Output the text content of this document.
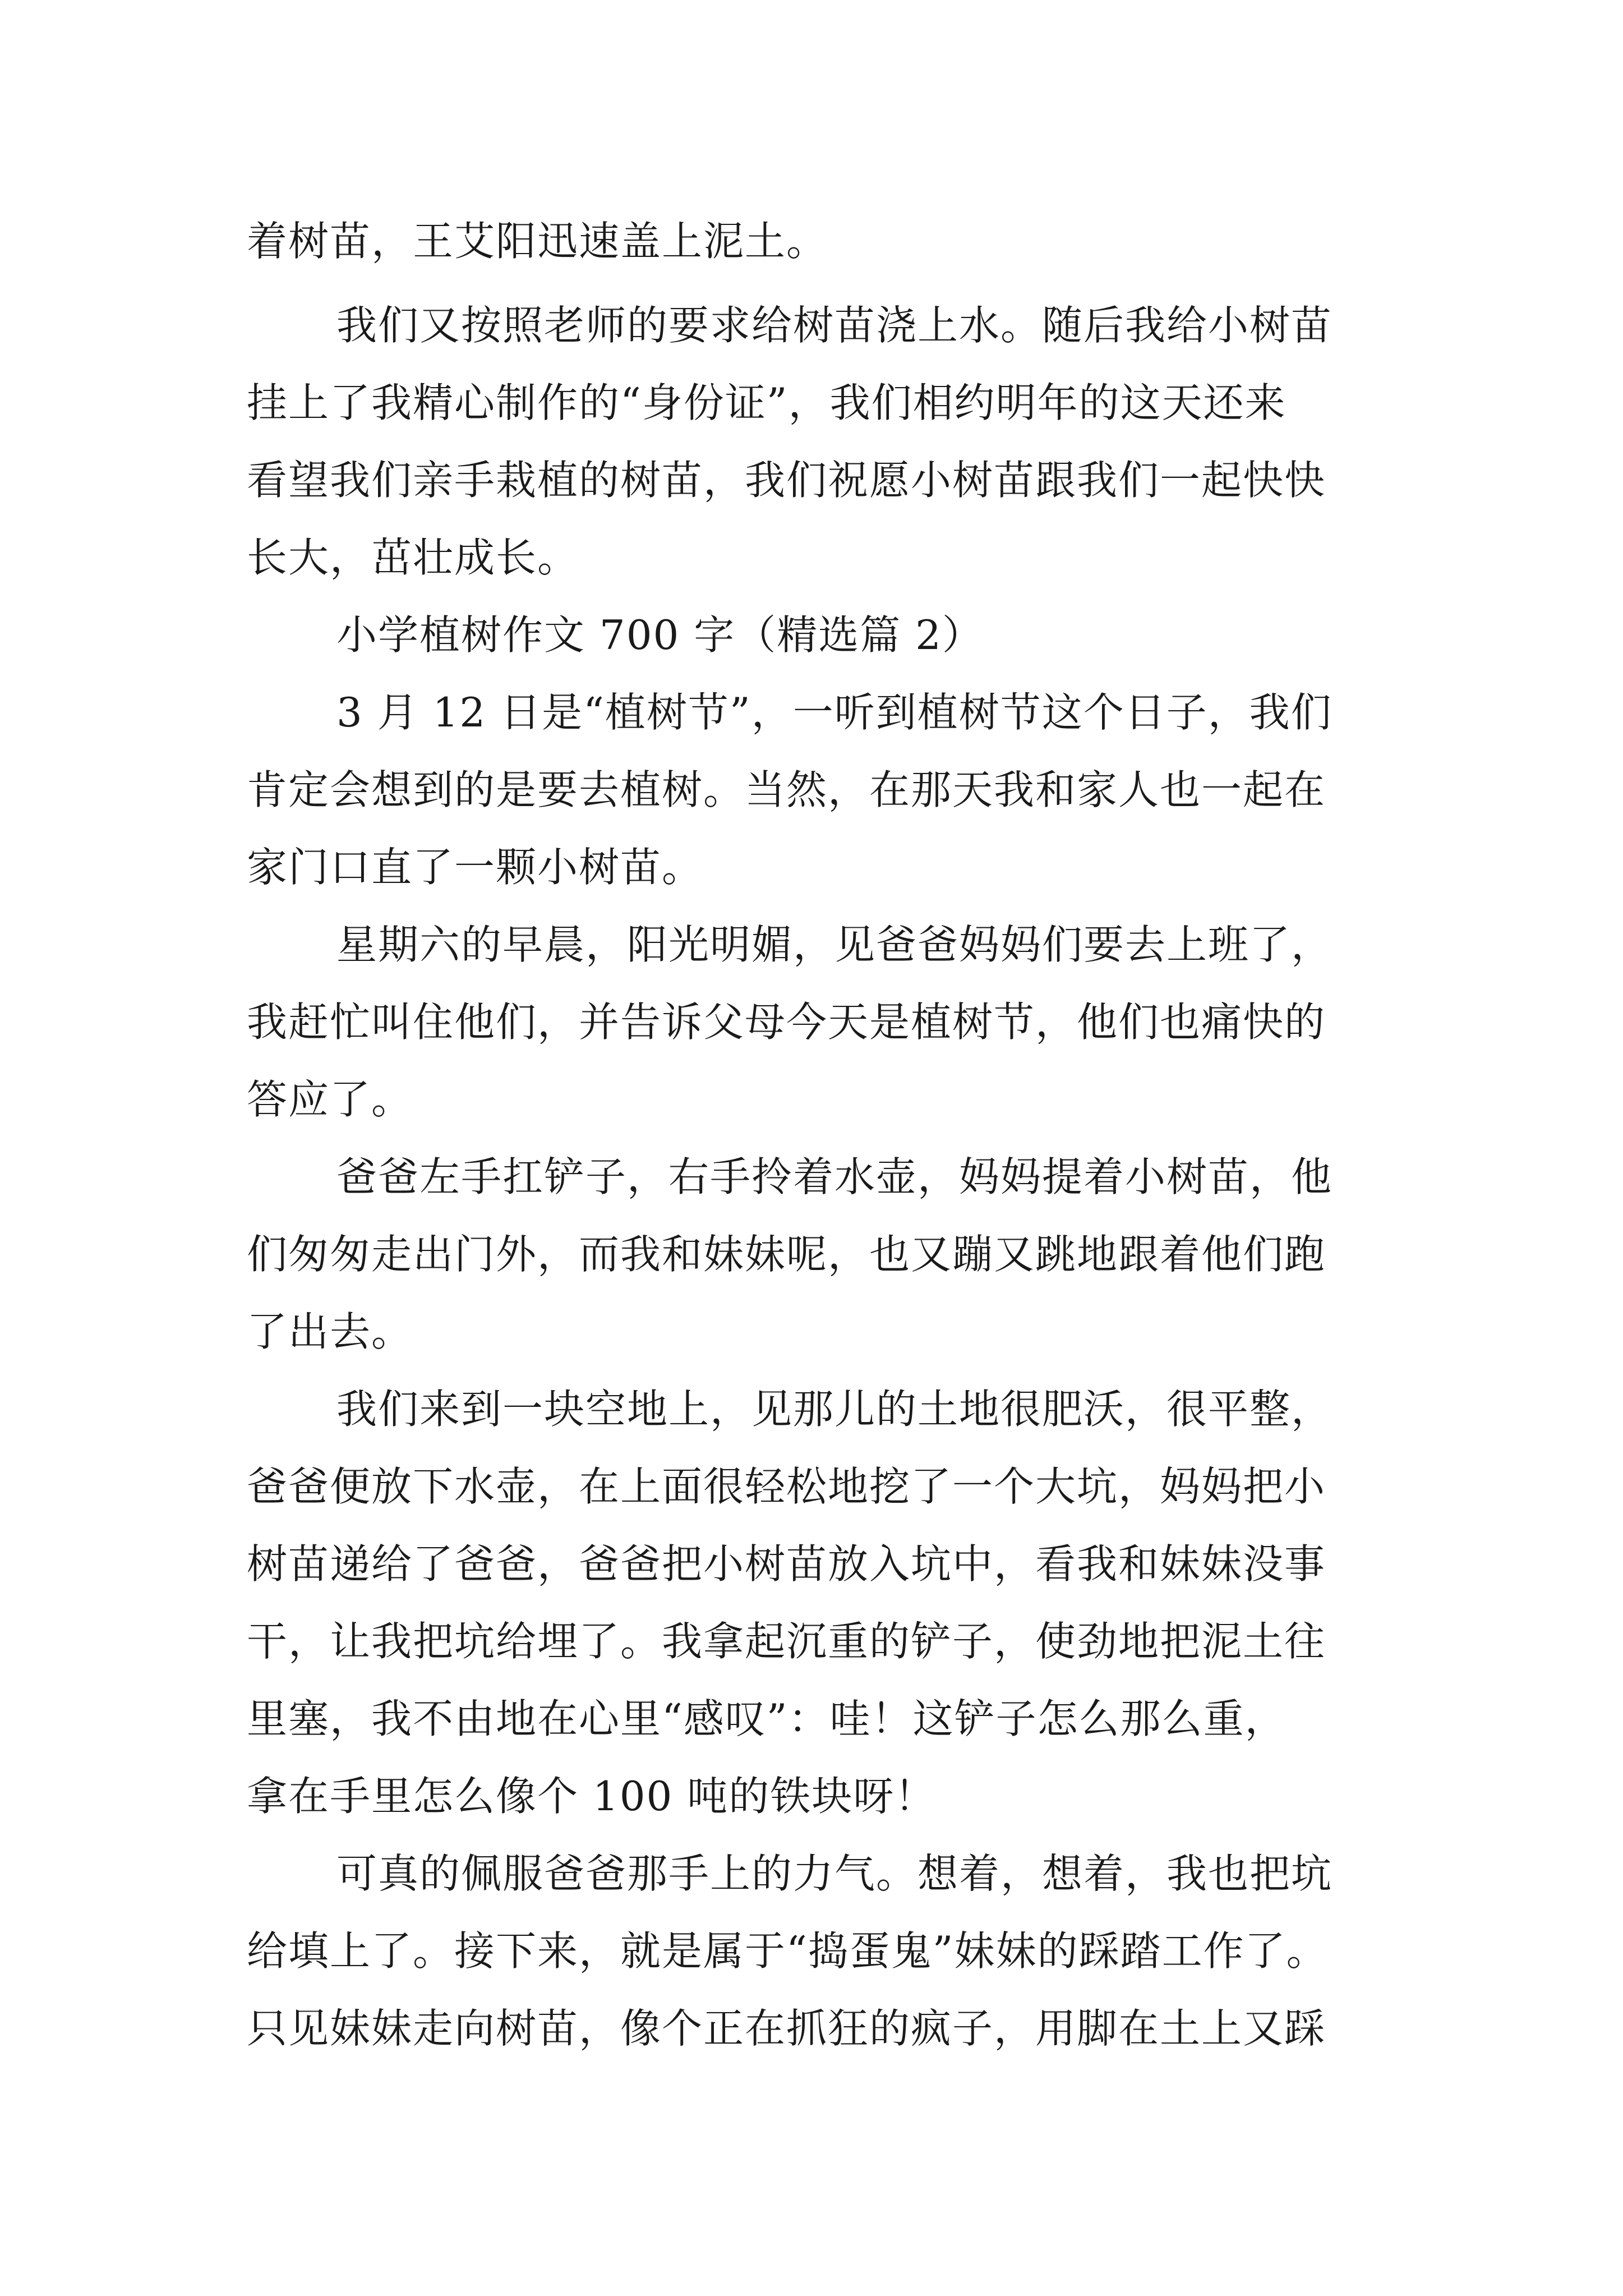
着树苗，王艾阳迅速盖上泥土。
我们又按照老师的要求给树苗浇上水。随后我给小树苗
挂上了我精心制作的“身份证”，我们相约明年的这天还来
看望我们亲手栽植的树苗，我们祝愿小树苗跟我们一起快快
长大，茁壮成长。
小学植树作文 700 字（精选篇 2）
3 月 12 日是“植树节”，一听到植树节这个日子，我们
肯定会想到的是要去植树。当然，在那天我和家人也一起在
家门口直了一颗小树苗。
星期六的早晨，阳光明媚，见爸爸妈妈们要去上班了，
我赶忙叫住他们，并告诉父母今天是植树节，他们也痛快的
答应了。
爸爸左手扛铲子，右手拎着水壶，妈妈提着小树苗，他
们匆匆走出门外，而我和妹妹呢，也又蹦又跳地跟着他们跑
了出去。
我们来到一块空地上，见那儿的土地很肥沃，很平整，
爸爸便放下水壶，在上面很轻松地挖了一个大坑，妈妈把小
树苗递给了爸爸，爸爸把小树苗放入坑中，看我和妹妹没事
干，让我把坑给埋了。我拿起沉重的铲子，使劲地把泥土往
里塞，我不由地在心里“感叹”：哇！这铲子怎么那么重，
拿在手里怎么像个 100 吨的铁块呀！
可真的佩服爸爸那手上的力气。想着，想着，我也把坑
给填上了。接下来，就是属于“捣蛋鬼”妹妹的踩踏工作了。
只见妹妹走向树苗，像个正在抓狂的疯子，用脚在土上又踩
